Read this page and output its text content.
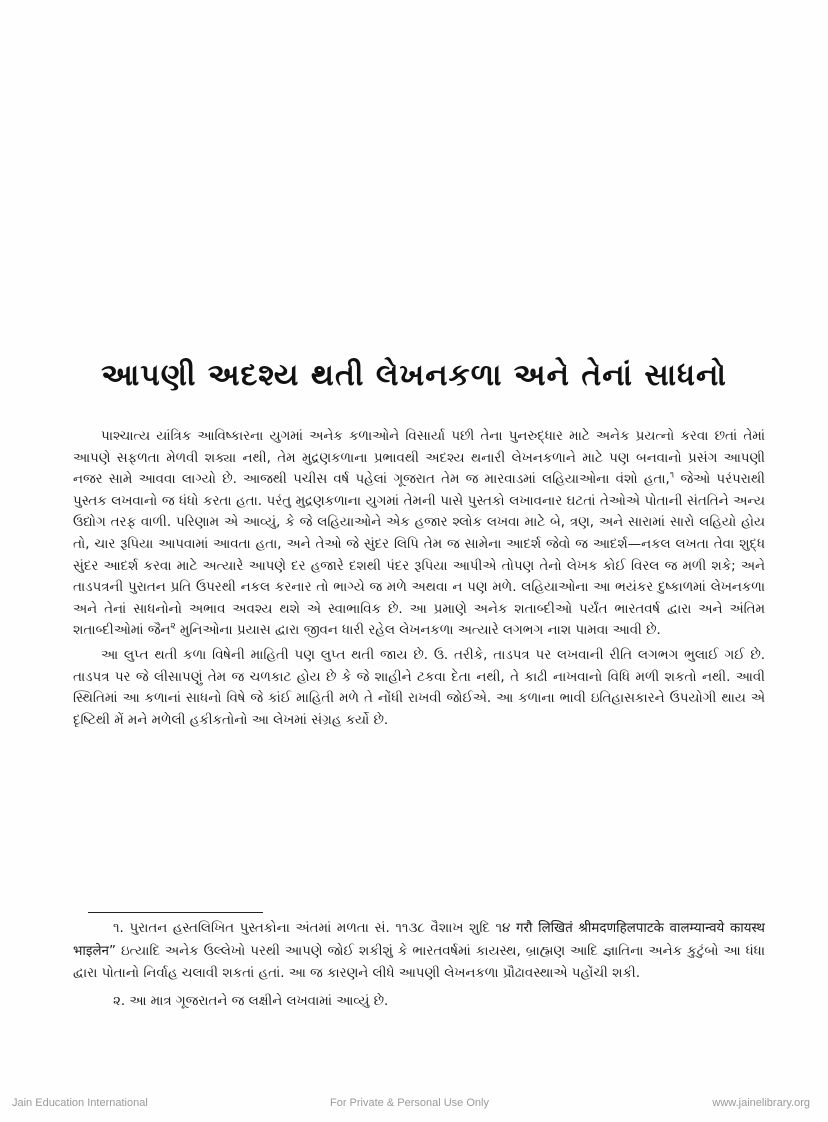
આપણી અદશ્ય થતી લેખનકળા અને તેનાં સાધનો

પાશ્ચાત્ય યાંત્રિક આવિષ્કારના યુગમાં અનેક કળાઓને વિસાર્યા પછી તેના પુનરુદ્ધાર માટે અનેક પ્રયત્નો કરવા છતાં તેમાં આપણે સફળતા મેળવી શક્યા નથી, તેમ મુદ્રણકળાના પ્રભાવથી અદશ્ય થનારી લેખનકળાને માટે પણ બનવાનો પ્રસંગ આપણી નજર સામે આવવા લાગ્યો છે. આજથી પચીસ વર્ષ પહેલાં ગૂજરાત તેમ જ મારવાડમાં લહિયાઓના વંશો હતા,$^૧$ જેઓ પરંપરાથી પુસ્તક લખવાનો જ ધંધો કરતા હતા. પરંતુ મુદ્રણકળાના યુગમાં તેમની પાસે પુસ્તકો લખાવનાર ઘટતાં તેઓએ પોતાની સંતતિને અન્ય ઉદ્યોગ તરફ વાળી. પરિણામ એ આવ્યું, કે જે લહિયાઓને એક હજાર શ્લોક લખવા માટે બે, ત્રણ, અને સારામાં સારો લહિયો હોય તો, ચાર રૂપિયા આપવામાં આવતા હતા, અને તેઓ જે સુંદર લિપિ તેમ જ સામેના આદર્શ જેવો જ આદર્શ—નકલ લખતા તેવા શુદ્ધ સુંદર આદર્શ કરવા માટે અત્યારે આપણે દર હજારે દશથી પંદર રૂપિયા આપીએ તોપણ તેનો લેખક કોઈ વિરલ જ મળી શકે; અને તાડપત્રની પુરાતન પ્રતિ ઉપરથી નકલ કરનાર તો ભાગ્યે જ મળે અથવા ન પણ મળે. લહિયાઓના આ ભયંકર દુષ્કાળમાં લેખનકળા અને તેનાં સાધનોનો અભાવ અવશ્ય થશે એ સ્વાભાવિક છે. આ પ્રમાણે અનેક શતાબ્દીઓ પર્યંત ભારતવર્ષ દ્વારા અને અંતિમ શતાબ્દીઓમાં જૈન$^૨$ મુનિઓના પ્રયાસ દ્વારા જીવન ધારી રહેલ લેખનકળા અત્યારે લગભગ નાશ પામવા આવી છે.

આ લુપ્ત થતી કળા વિષેની માહિતી પણ લુપ્ત થતી જાય છે. ઉ. તરીકે, તાડપત્ર પર લખવાની રીતિ લગભગ ભુલાઈ ગઈ છે. તાડપત્ર પર જે લીસાપણું તેમ જ ચળકાટ હોય છે કે જે શાહીને ટકવા દેતા નથી, તે કાઢી નાખવાનો વિધિ મળી શકતો નથી. આવી સ્થિતિમાં આ કળાનાં સાધનો વિષે જે કાંઈ માહિતી મળે તે નોંધી રાખવી જોઈએ. આ કળાના ભાવી ઇતિહાસકારને ઉપયોગી થાય એ દૃષ્ટિથી મેં મને મળેલી હકીકતોનો આ લેખમાં સંગ્રહ કર્યો છે.

૧. પુરાતન હસ્તલિખિત પુસ્તકોના અંતમાં મળતા સં. ૧૧૩૮ વૈશાખ શુદિ ૧૪ गरौ लिखितं श्रीमदणहिलपाटके वालम्यान्वये कायस्थ भाइलेन” ઇત્યાદિ અનેક ઉલ્લેખો પરથી આપણે જોઈ શકીશું કે ભારતવર્ષમાં કાયસ્થ, બ્રાહ્મણ આદિ જ્ઞાતિના અનેક કુટુંબો આ ધંધા દ્વારા પોતાનો નિર્વાહ ચલાવી શકતાં હતાં. આ જ કારણને લીધે આપણી લેખનકળા પ્રૌઢાવસ્થાએ પહોંચી શકી.

૨. આ માત્ર ગૂજરાતને જ લક્ષીને લખવામાં આવ્યું છે.

Jain Education International	For Private & Personal Use Only	www.jainelibrary.org
